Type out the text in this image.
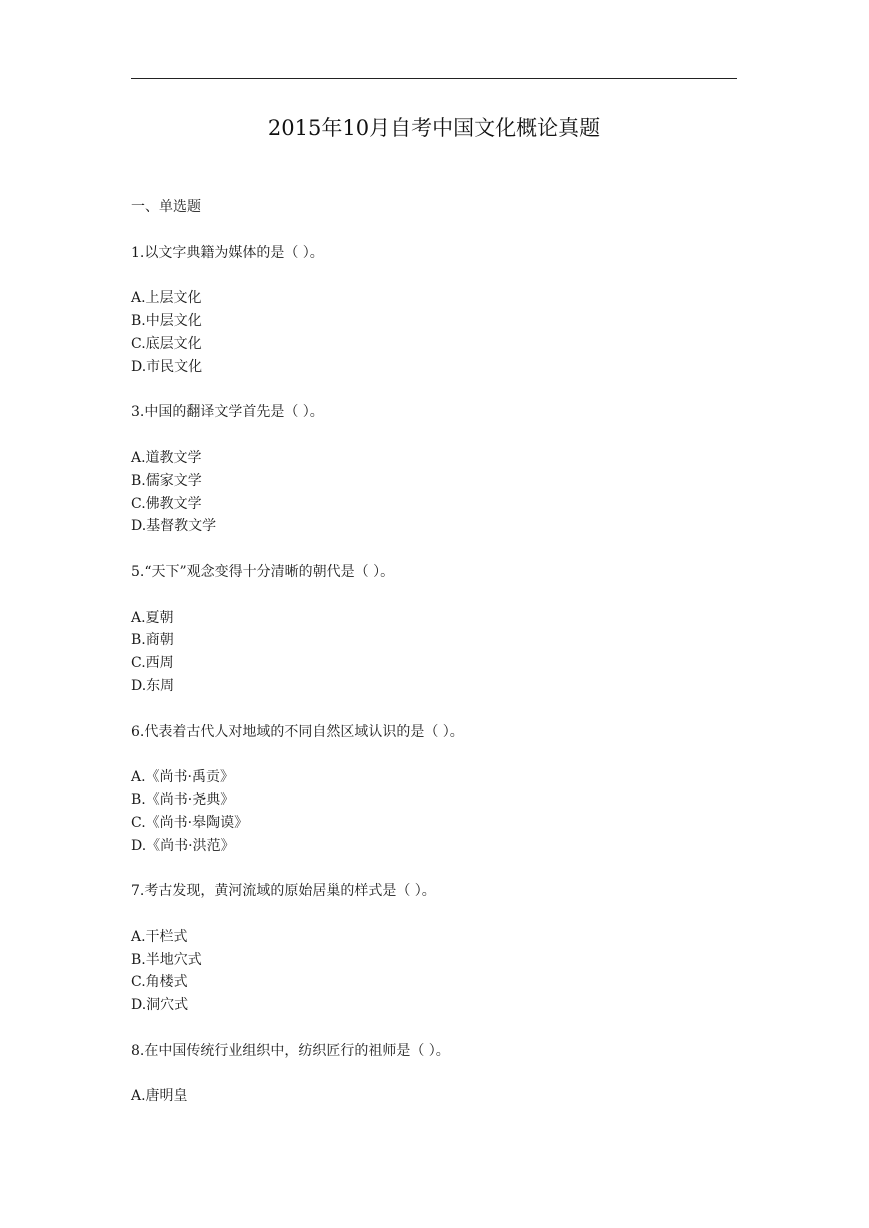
2015年10月自考中国文化概论真题
一、单选题
1.以文字典籍为媒体的是（ ）。
A.上层文化
B.中层文化
C.底层文化
D.市民文化
3.中国的翻译文学首先是（ ）。
A.道教文学
B.儒家文学
C.佛教文学
D.基督教文学
5.“天下”观念变得十分清晰的朝代是（ ）。
A.夏朝
B.商朝
C.西周
D.东周
6.代表着古代人对地域的不同自然区域认识的是（ ）。
A.《尚书·禹贡》
B.《尚书·尧典》
C.《尚书·皋陶谟》
D.《尚书·洪范》
7.考古发现，黄河流域的原始居巢的样式是（ ）。
A.干栏式
B.半地穴式
C.角楼式
D.洞穴式
8.在中国传统行业组织中，纺织匠行的祖师是（ ）。
A.唐明皇
